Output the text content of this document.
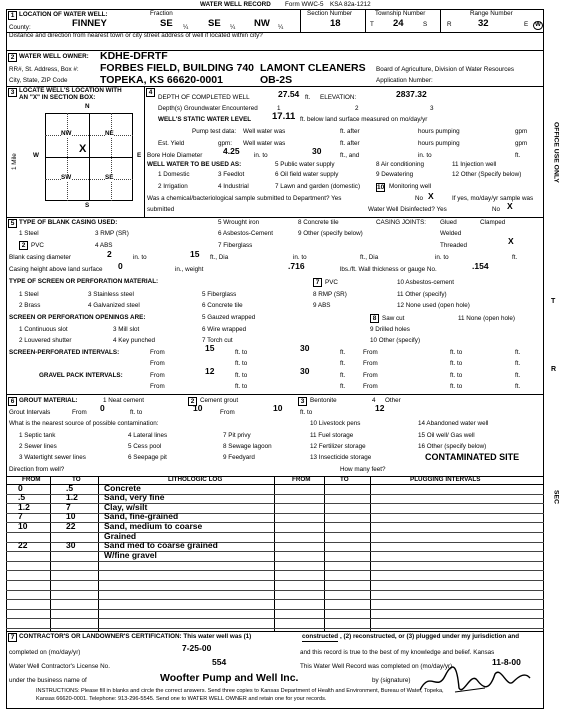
WATER WELL RECORD Form WWC-5 KSA 82a-1212
1 LOCATION OF WATER WELL:
County:	FINNEY
Fraction
SE ¼ SE ¼ NW ¼
Section Number
18
Township Number
T 24	S
Range Number
R	32	E	W
Distance and direction from nearest town or city street address of well if located within city?
2 WATER WELL OWNER: KDHE-DFRTF
RR#, St. Address, Box #: FORBES FIELD, BUILDING 740 LAMONT CLEANERS Board of Agriculture, Division of Water Resources
City, State, ZIP Code	TOPEKA, KS 66620-0001	OB-2S	Application Number:
3 LOCATE WELL'S LOCATION WITH
AN "X" IN SECTION BOX:
N
S
W	E
1 Mile
NW	NE
SW	SE
X
4
DEPTH OF COMPLETED WELL	27.54 ft. ELEVATION:	2837.32
Depth(s) Groundwater Encountered	1	2	3
WELL'S STATIC WATER LEVEL 17.11 ft. below land surface measured on mo/day/yr
Pump test data: Well water was	ft. after	hours pumping	gpm
Est. Yield	gpm: Well water was	ft. after	hours pumping	gpm
Bore Hole Diameter 4.25 in. to	30	ft., and	in. to	ft.
WELL WATER TO BE USED AS:	5 Public water supply	8 Air conditioning	11 Injection well
1 Domestic	3 Feedlot	6 Oil field water supply	9 Dewatering	12 Other (Specify below)
2 Irrigation	4 Industrial	7 Lawn and garden (domestic)	10 Monitoring well
Was a chemical/bacteriological sample submitted to Department? Yes	No X	If yes, mo/day/yr sample was
submitted	Water Well Disinfected? Yes	No X
5 TYPE OF BLANK CASING USED:	5 Wrought iron	8 Concrete tile	CASING JOINTS: Glued	Clamped
1 Steel	3 RMP (SR)	6 Asbestos-Cement	9 Other (specify below)	Welded
2 PVC	4 ABS	7 Fiberglass	Threaded	X
Blank casing diameter	2	in. to	15 ft., Dia	in. to	ft., Dia	in. to	ft.
Casing height above land surface 0	in., weight	.716	lbs./ft. Wall thickness or gauge No.	.154
TYPE OF SCREEN OR PERFORATION MATERIAL:	7 PVC	10 Asbestos-cement
1 Steel	3 Stainless steel	5 Fiberglass	8 RMP (SR)	11 Other (specify)
2 Brass	4 Galvanized steel	6 Concrete tile	9 ABS	12 None used (open hole)
SCREEN OR PERFORATION OPENINGS ARE:	5 Gauzed wrapped	8 Saw cut	11 None (open hole)
1 Continuous slot	3 Mill slot	6 Wire wrapped	9 Drilled holes
2 Louvered shutter	4 Key punched	7 Torch cut	10 Other (specify)
SCREEN-PERFORATED INTERVALS:	From	15	ft. to	30	ft.	From	ft. to	ft.
From	ft. to	ft.	From	ft. to	ft.
GRAVEL PACK INTERVALS:	From	12	ft. to	30	ft.	From	ft. to	ft.
From	ft. to	ft.	From	ft. to	ft.
6 GROUT MATERIAL:	1 Neat cement	2 Cement grout	3 Bentonite	4 Other
Grout Intervals	From 0	ft. to	10	From	10	ft. to	12
What is the nearest source of possible contamination:
1 Septic tank	4 Lateral lines	7 Pit privy
10 Livestock pens	14 Abandoned water well
2 Sewer lines	5 Cess pool	8 Sewage lagoon
11 Fuel storage	15 Oil well/ Gas well
3 Watertight sewer lines	6 Seepage pit	9 Feedyard
12 Fertilizer storage	16 Other (specify below)
13 Insecticide storage	CONTAMINATED SITE
Direction from well?	How many feet?
FROM	TO	LITHOLOGIC LOG	FROM	TO	PLUGGING INTERVALS
0	.5	Concrete
.5	1.2	Sand, very fine
1.2	7	Clay, w/silt
7	10	Sand, fine-grained
10	22	Sand, medium to coarse
Grained
22	30	Sand med to coarse grained
W/fine gravel
7 CONTRACTOR'S OR LANDOWNER'S CERTIFICATION: This water well was (1)	constructed , (2) reconstructed, or (3) plugged under my jurisdiction and
completed on (mo/day/yr)	7-25-00	and this record is true to the best of my knowledge and belief. Kansas
Water Well Contractor's License No.	554	This Water Well Record was completed on (mo/day/yr)	11-8-00
under the business name of	Woofter Pump and Well Inc.	by (signature)
INSTRUCTIONS: Please fill in blanks and circle the correct answers. Send three copies to Kansas Department of Health and Environment, Bureau of Water, Topeka,
Kansas 66620-0001. Telephone: 913-296-5545. Send one to WATER WELL OWNER and retain one for your records.
OFFICE USE ONLY
T
R
SEC
